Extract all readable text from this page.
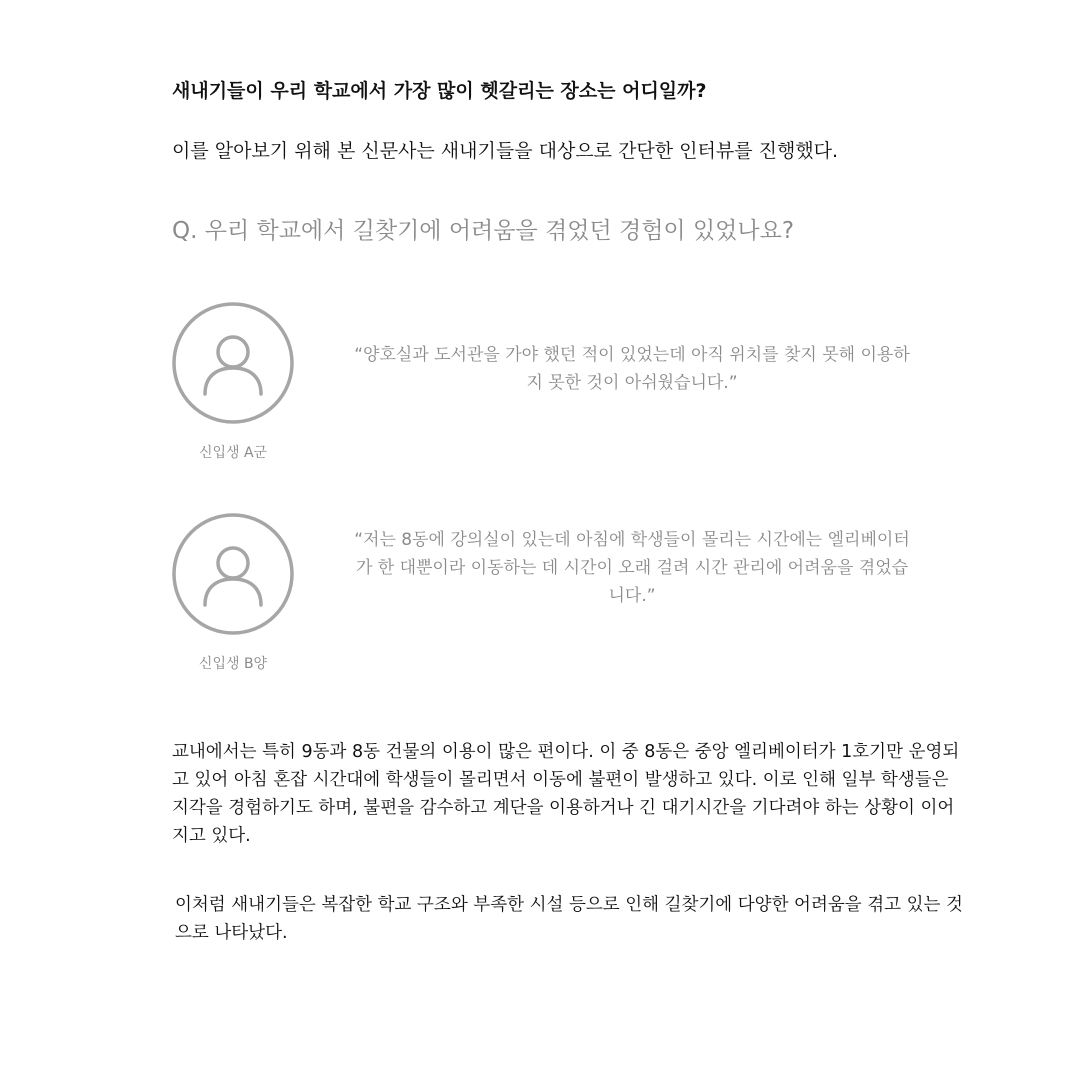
새내기들이 우리 학교에서 가장 많이 헷갈리는 장소는 어디일까?
이를 알아보기 위해 본 신문사는 새내기들을 대상으로 간단한 인터뷰를 진행했다.
Q. 우리 학교에서 길찾기에 어려움을 겪었던 경험이 있었나요?
신입생 A군
“양호실과 도서관을 가야 했던 적이 있었는데 아직 위치를 찾지 못해 이용하지 못한 것이 아쉬웠습니다.”
신입생 B양
“저는 8동에 강의실이 있는데 아침에 학생들이 몰리는 시간에는 엘리베이터가 한 대뿐이라 이동하는 데 시간이 오래 걸려 시간 관리에 어려움을 겪었습니다.”
교내에서는 특히 9동과 8동 건물의 이용이 많은 편이다. 이 중 8동은 중앙 엘리베이터가 1호기만 운영되고 있어 아침 혼잡 시간대에 학생들이 몰리면서 이동에 불편이 발생하고 있다. 이로 인해 일부 학생들은 지각을 경험하기도 하며, 불편을 감수하고 계단을 이용하거나 긴 대기시간을 기다려야 하는 상황이 이어지고 있다.
이처럼 새내기들은 복잡한 학교 구조와 부족한 시설 등으로 인해 길찾기에 다양한 어려움을 겪고 있는 것으로 나타났다.
